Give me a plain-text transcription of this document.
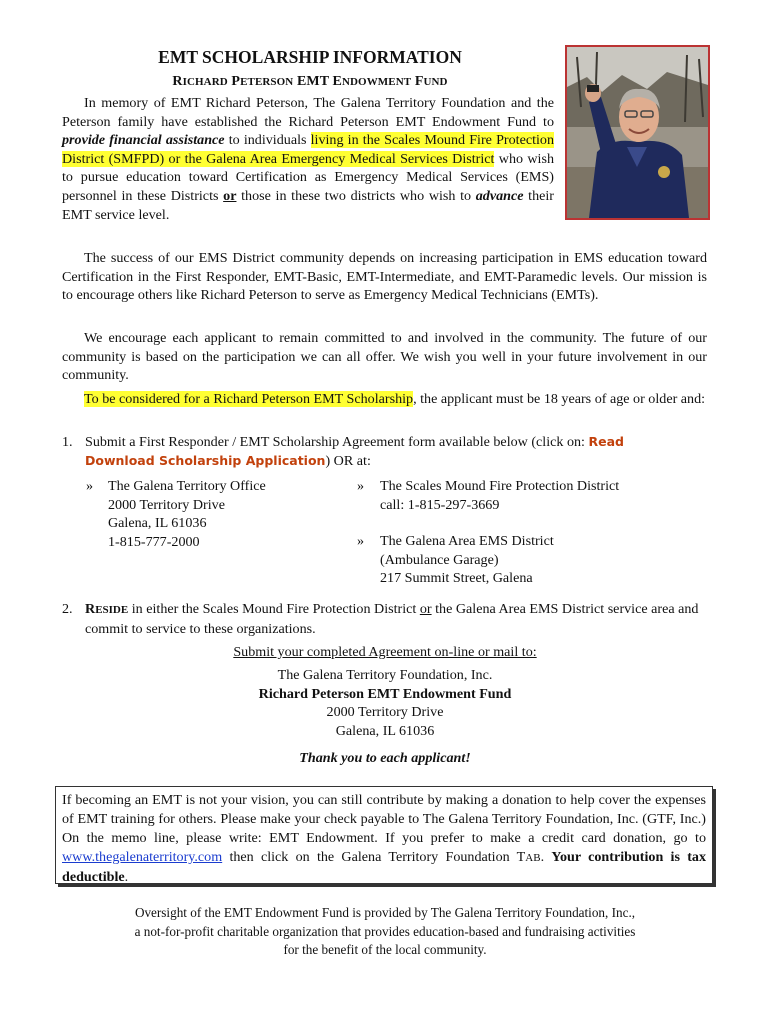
EMT SCHOLARSHIP INFORMATION
RICHARD PETERSON EMT ENDOWMENT FUND
In memory of EMT Richard Peterson, The Galena Territory Foundation and the Peterson family have established the Richard Peterson EMT Endowment Fund to provide financial assistance to individuals living in the Scales Mound Fire Protection District (SMFPD) or the Galena Area Emergency Medical Services District who wish to pursue education toward Certification as Emergency Medical Services (EMS) personnel in these Districts or those in these two districts who wish to advance their EMT service level.
The success of our EMS District community depends on increasing participation in EMS education toward Certification in the First Responder, EMT-Basic, EMT-Intermediate, and EMT-Paramedic levels. Our mission is to encourage others like Richard Peterson to serve as Emergency Medical Technicians (EMTs).
We encourage each applicant to remain committed to and involved in the community. The future of our community is based on the participation we can all offer. We wish you well in your future involvement in our community.
To be considered for a Richard Peterson EMT Scholarship, the applicant must be 18 years of age or older and:
1. Submit a First Responder / EMT Scholarship Agreement form available below (click on: Read
Download Scholarship Application) OR at:
» The Galena Territory Office
2000 Territory Drive
Galena, IL 61036
1-815-777-2000
» The Scales Mound Fire Protection District
call: 1-815-297-3669
» The Galena Area EMS District
(Ambulance Garage)
217 Summit Street, Galena
2. RESIDE in either the Scales Mound Fire Protection District or the Galena Area EMS District service area and commit to service to these organizations.
Submit your completed Agreement on-line or mail to:
The Galena Territory Foundation, Inc.
Richard Peterson EMT Endowment Fund
2000 Territory Drive
Galena, IL 61036
Thank you to each applicant!
If becoming an EMT is not your vision, you can still contribute by making a donation to help cover the expenses of EMT training for others. Please make your check payable to The Galena Territory Foundation, Inc. (GTF, Inc.) On the memo line, please write: EMT Endowment. If you prefer to make a credit card donation, go to www.thegalenaterritory.com then click on the Galena Territory Foundation TAB. Your contribution is tax deductible.
Oversight of the EMT Endowment Fund is provided by The Galena Territory Foundation, Inc.,
a not-for-profit charitable organization that provides education-based and fundraising activities
for the benefit of the local community.
